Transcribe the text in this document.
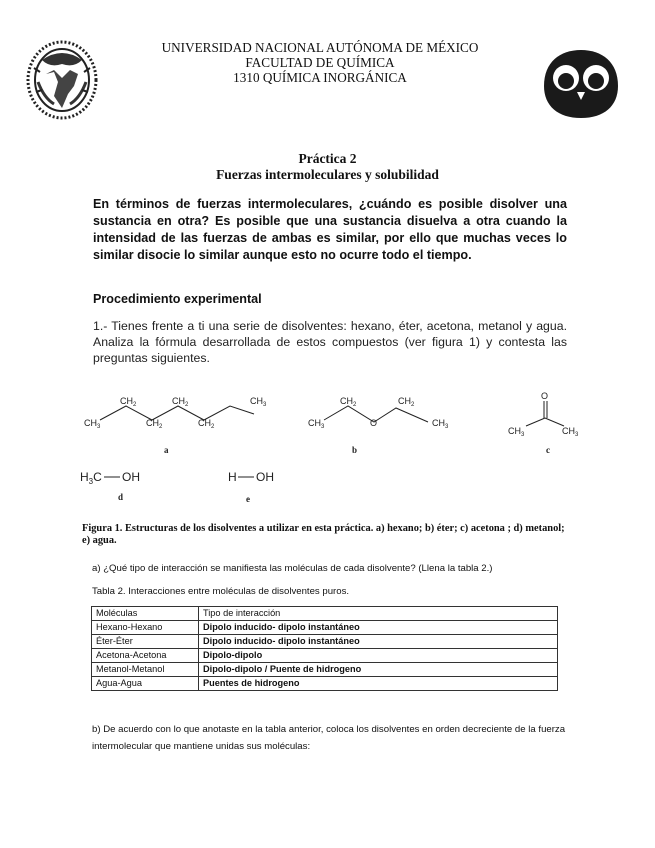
UNIVERSIDAD NACIONAL AUTÓNOMA DE MÉXICO
FACULTAD DE QUÍMICA
1310 QUÍMICA INORGÁNICA
Práctica 2
Fuerzas intermoleculares y solubilidad
En términos de fuerzas intermoleculares, ¿cuándo es posible disolver una sustancia en otra? Es posible que una sustancia disuelva a otra cuando la intensidad de las fuerzas de ambas es similar, por ello que muchas veces lo similar disocie lo similar aunque esto no ocurre todo el tiempo.
Procedimiento experimental
1.- Tienes frente a ti una serie de disolventes: hexano, éter, acetona, metanol y agua. Analiza la fórmula desarrollada de estos compuestos (ver figura 1) y contesta las preguntas siguientes.
$CH_3$
$CH_2$
$CH_2$
$CH_2$
$CH_2$
$CH_3$
$CH_3$
$CH_2$
O
$CH_2$
$CH_3$
O
$CH_3$	$CH_3$
$H_3C$ OH	H OH
a	b	c
d	e
Figura 1. Estructuras de los disolventes a utilizar en esta práctica. a) hexano; b) éter; c) acetona ; d) metanol; e) agua.
a) ¿Qué tipo de interacción se manifiesta las moléculas de cada disolvente? (Llena la tabla 2.)
Tabla 2. Interacciones entre moléculas de disolventes puros.
Moléculas	Tipo de interacción
Hexano-Hexano	Dipolo inducido- dipolo instantáneo
Éter-Éter	Dipolo inducido- dipolo instantáneo
Acetona-Acetona	Dipolo-dipolo
Metanol-Metanol	Dipolo-dipolo / Puente de hidrogeno
Agua-Agua	Puentes de hidrogeno
b) De acuerdo con lo que anotaste en la tabla anterior, coloca los disolventes en orden decreciente de la fuerza intermolecular que mantiene unidas sus moléculas:
